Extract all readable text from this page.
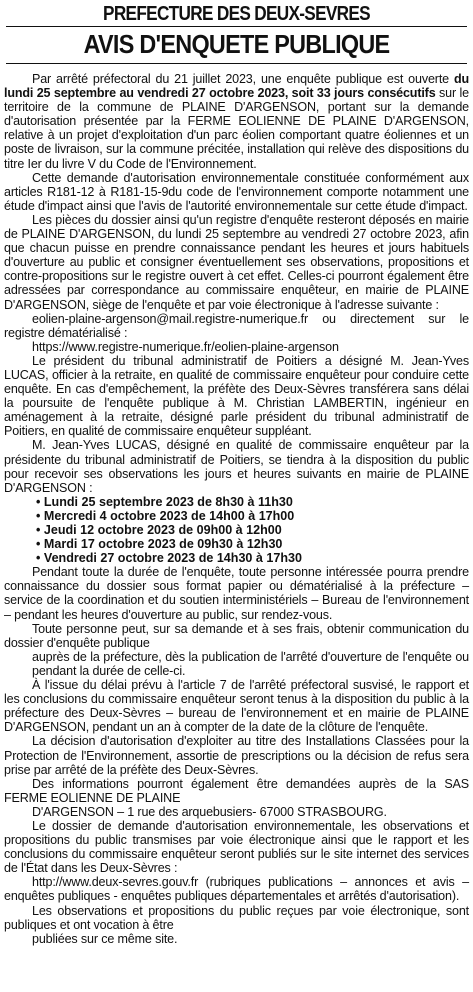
PREFECTURE DES DEUX-SEVRES
AVIS D'ENQUETE PUBLIQUE

Par arrêté préfectoral du 21 juillet 2023, une enquête publique est ouverte du lundi 25 septembre au vendredi 27 octobre 2023, soit 33 jours consécutifs sur le territoire de la commune de PLAINE D'ARGENSON, portant sur la demande d'autorisation présentée par la FERME EOLIENNE DE PLAINE D'ARGENSON, relative à un projet d'exploitation d'un parc éolien comportant quatre éoliennes et un poste de livraison, sur la commune précitée, installation qui relève des dispositions du titre Ier du livre V du Code de l'Environnement.

Cette demande d'autorisation environnementale constituée conformément aux articles R181-12 à R181-15-9du code de l'environnement comporte notamment une étude d'impact ainsi que l'avis de l'autorité environnementale sur cette étude d'impact.

Les pièces du dossier ainsi qu'un registre d'enquête resteront déposés en mairie de PLAINE D'ARGENSON, du lundi 25 septembre au vendredi 27 octobre 2023, afin que chacun puisse en prendre connaissance pendant les heures et jours habituels d'ouverture au public et consigner éventuellement ses observations, propositions et contre-propositions sur le registre ouvert à cet effet. Celles-ci pourront également être adressées par correspondance au commissaire enquêteur, en mairie de PLAINE D'ARGENSON, siège de l'enquête et par voie électronique à l'adresse suivante :

eolien-plaine-argenson@mail.registre-numerique.fr ou directement sur le registre dématérialisé :

https://www.registre-numerique.fr/eolien-plaine-argenson

Le président du tribunal administratif de Poitiers a désigné M. Jean-Yves LUCAS, officier à la retraite, en qualité de commissaire enquêteur pour conduire cette enquête. En cas d'empêchement, la préfète des Deux-Sèvres transférera sans délai la poursuite de l'enquête publique à M. Christian LAMBERTIN, ingénieur en aménagement à la retraite, désigné parle président du tribunal administratif de Poitiers, en qualité de commissaire enquêteur suppléant.

M. Jean-Yves LUCAS, désigné en qualité de commissaire enquêteur par la présidente du tribunal administratif de Poitiers, se tiendra à la disposition du public pour recevoir ses observations les jours et heures suivants en mairie de PLAINE D'ARGENSON :

• Lundi 25 septembre 2023 de 8h30 à 11h30
• Mercredi 4 octobre 2023 de 14h00 à 17h00
• Jeudi 12 octobre 2023 de 09h00 à 12h00
• Mardi 17 octobre 2023 de 09h30 à 12h30
• Vendredi 27 octobre 2023 de 14h30 à 17h30

Pendant toute la durée de l'enquête, toute personne intéressée pourra prendre connaissance du dossier sous format papier ou dématérialisé à la préfecture – service de la coordination et du soutien interministériels – Bureau de l'environnement – pendant les heures d'ouverture au public, sur rendez-vous.

Toute personne peut, sur sa demande et à ses frais, obtenir communication du dossier d'enquête publique

auprès de la préfecture, dès la publication de l'arrêté d'ouverture de l'enquête ou pendant la durée de celle-ci.

À l'issue du délai prévu à l'article 7 de l'arrêté préfectoral susvisé, le rapport et les conclusions du commissaire enquêteur seront tenus à la disposition du public à la préfecture des Deux-Sèvres – bureau de l'environnement et en mairie de PLAINE D'ARGENSON, pendant un an à compter de la date de la clôture de l'enquête.

La décision d'autorisation d'exploiter au titre des Installations Classées pour la Protection de l'Environnement, assortie de prescriptions ou la décision de refus sera prise par arrêté de la préfète des Deux-Sèvres.

Des informations pourront également être demandées auprès de la SAS FERME EOLIENNE DE PLAINE

D'ARGENSON – 1 rue des arquebusiers- 67000 STRASBOURG.

Le dossier de demande d'autorisation environnementale, les observations et propositions du public transmises par voie électronique ainsi que le rapport et les conclusions du commissaire enquêteur seront publiés sur le site internet des services de l'État dans les Deux-Sèvres :

http://www.deux-sevres.gouv.fr (rubriques publications – annonces et avis – enquêtes publiques - enquêtes publiques départementales et arrêtés d'autorisation).

Les observations et propositions du public reçues par voie électronique, sont publiques et ont vocation à être

publiées sur ce même site.
